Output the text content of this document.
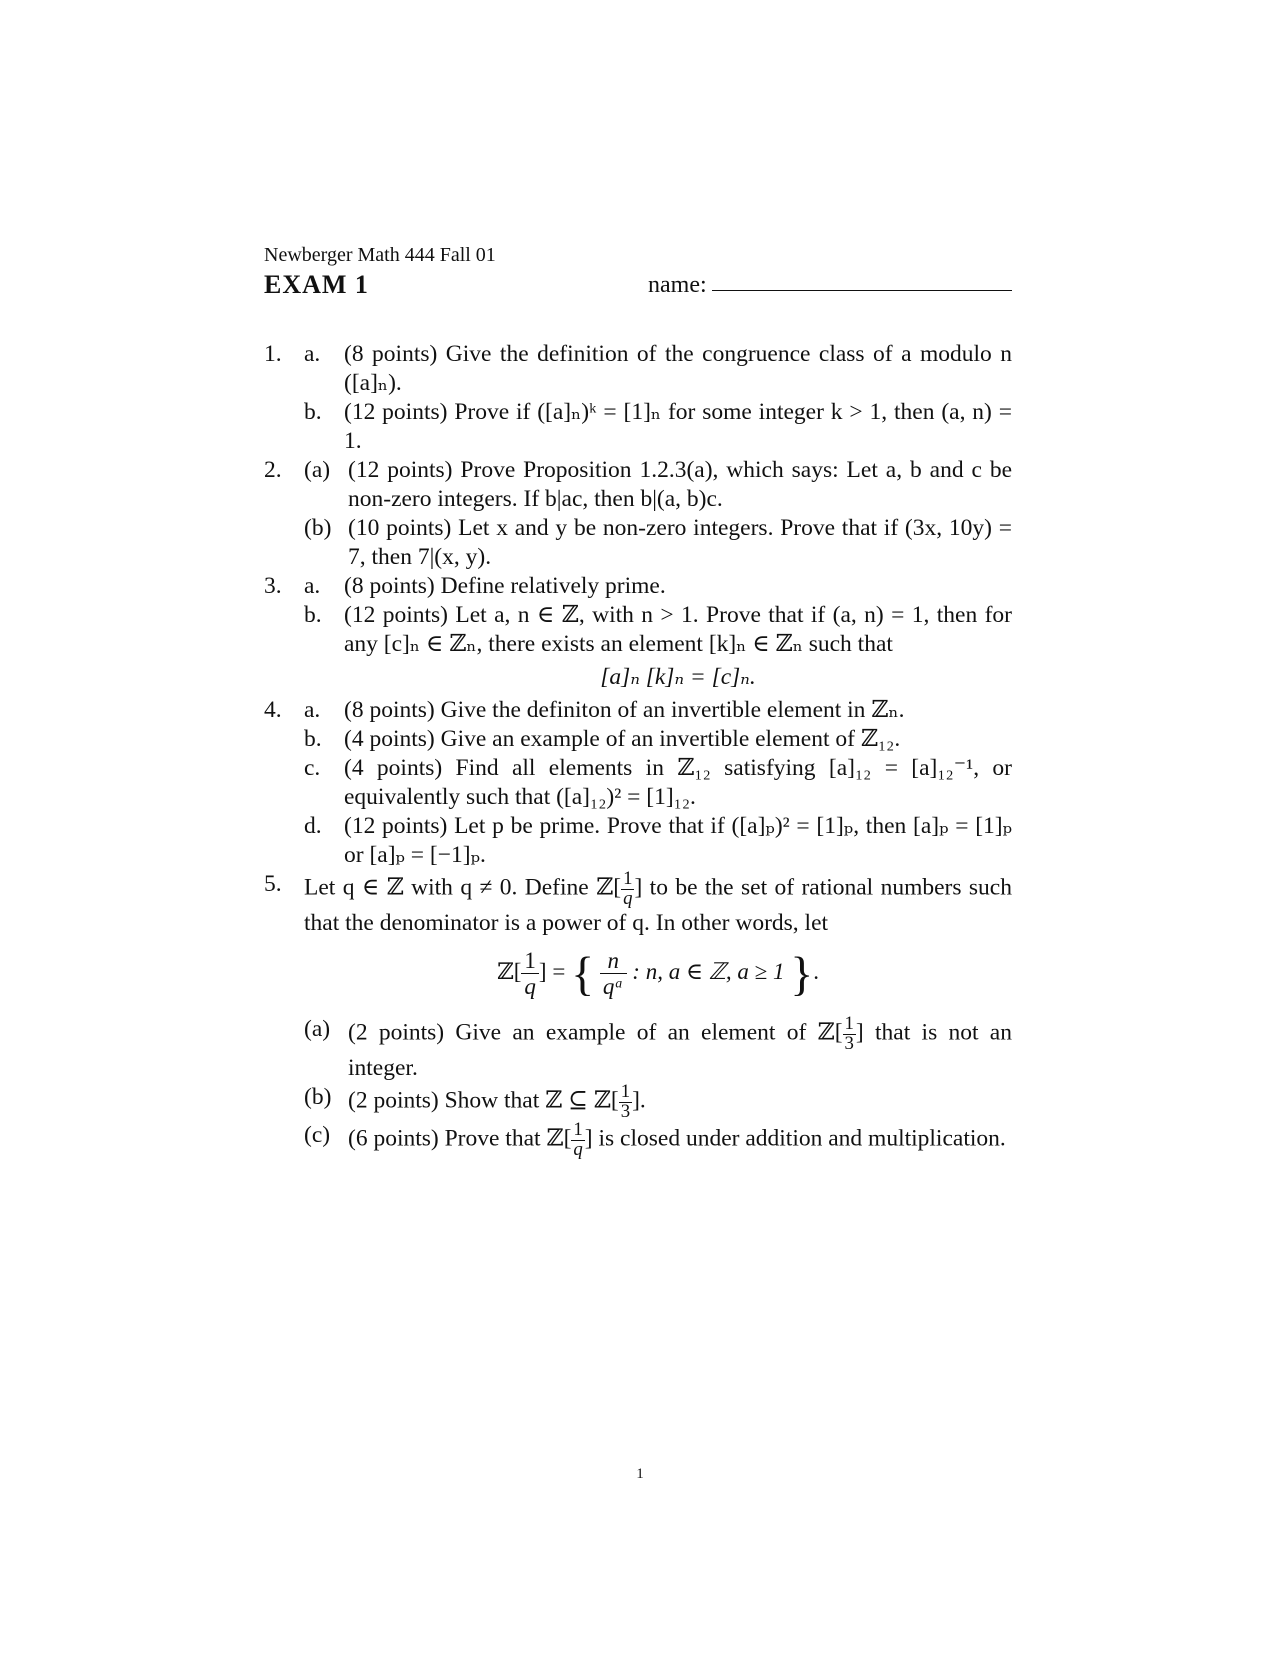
Newberger Math 444 Fall 01
EXAM 1	name:
1. a.	(8 points) Give the definition of the congruence class of a modulo n ([a]ₙ).
b. (12 points) Prove if ([a]ₙ)ᵏ = [1]ₙ for some integer k > 1, then (a, n) = 1.
2. (a) (12 points) Prove Proposition 1.2.3(a), which says: Let a, b and c be non-zero integers. If b|ac, then b|(a, b)c.
(b) (10 points) Let x and y be non-zero integers. Prove that if (3x, 10y) = 7, then 7|(x, y).
3. a.	(8 points) Define relatively prime.
b. (12 points) Let a, n ∈ ℤ, with n > 1. Prove that if (a, n) = 1, then for any [c]ₙ ∈ ℤₙ, there exists an element [k]ₙ ∈ ℤₙ such that

[a]ₙ [k]ₙ = [c]ₙ.
4. a.	(8 points) Give the definiton of an invertible element in ℤₙ.
b. (4 points) Give an example of an invertible element of ℤ₁₂.
c.	(4 points) Find all elements in ℤ₁₂ satisfying [a]₁₂ = [a]₁₂⁻¹, or equivalently such that ([a]₁₂)² = [1]₁₂.
d. (12 points) Let p be prime. Prove that if ([a]ₚ)² = [1]ₚ, then [a]ₚ = [1]ₚ or [a]ₚ = [−1]ₚ.
5. Let q ∈ ℤ with q ≠ 0. Define ℤ[ $\frac{1}{q}$ ] to be the set of rational numbers such that the denominator is a power of q. In other words, let
ℤ[ $\frac{1}{q}$ ] = { $\frac{n}{\text{qᵃ}}$ : n, a ∈ ℤ, a ≥ 1 }.
(a) (2 points) Give an example of an element of ℤ[ $\frac{1}{3}$ ] that is not an integer.
(b) (2 points) Show that ℤ ⊆ ℤ[ $\frac{1}{3}$ ].
(c) (6 points) Prove that ℤ[ $\frac{1}{q}$ ] is closed under addition and multiplication.
1
